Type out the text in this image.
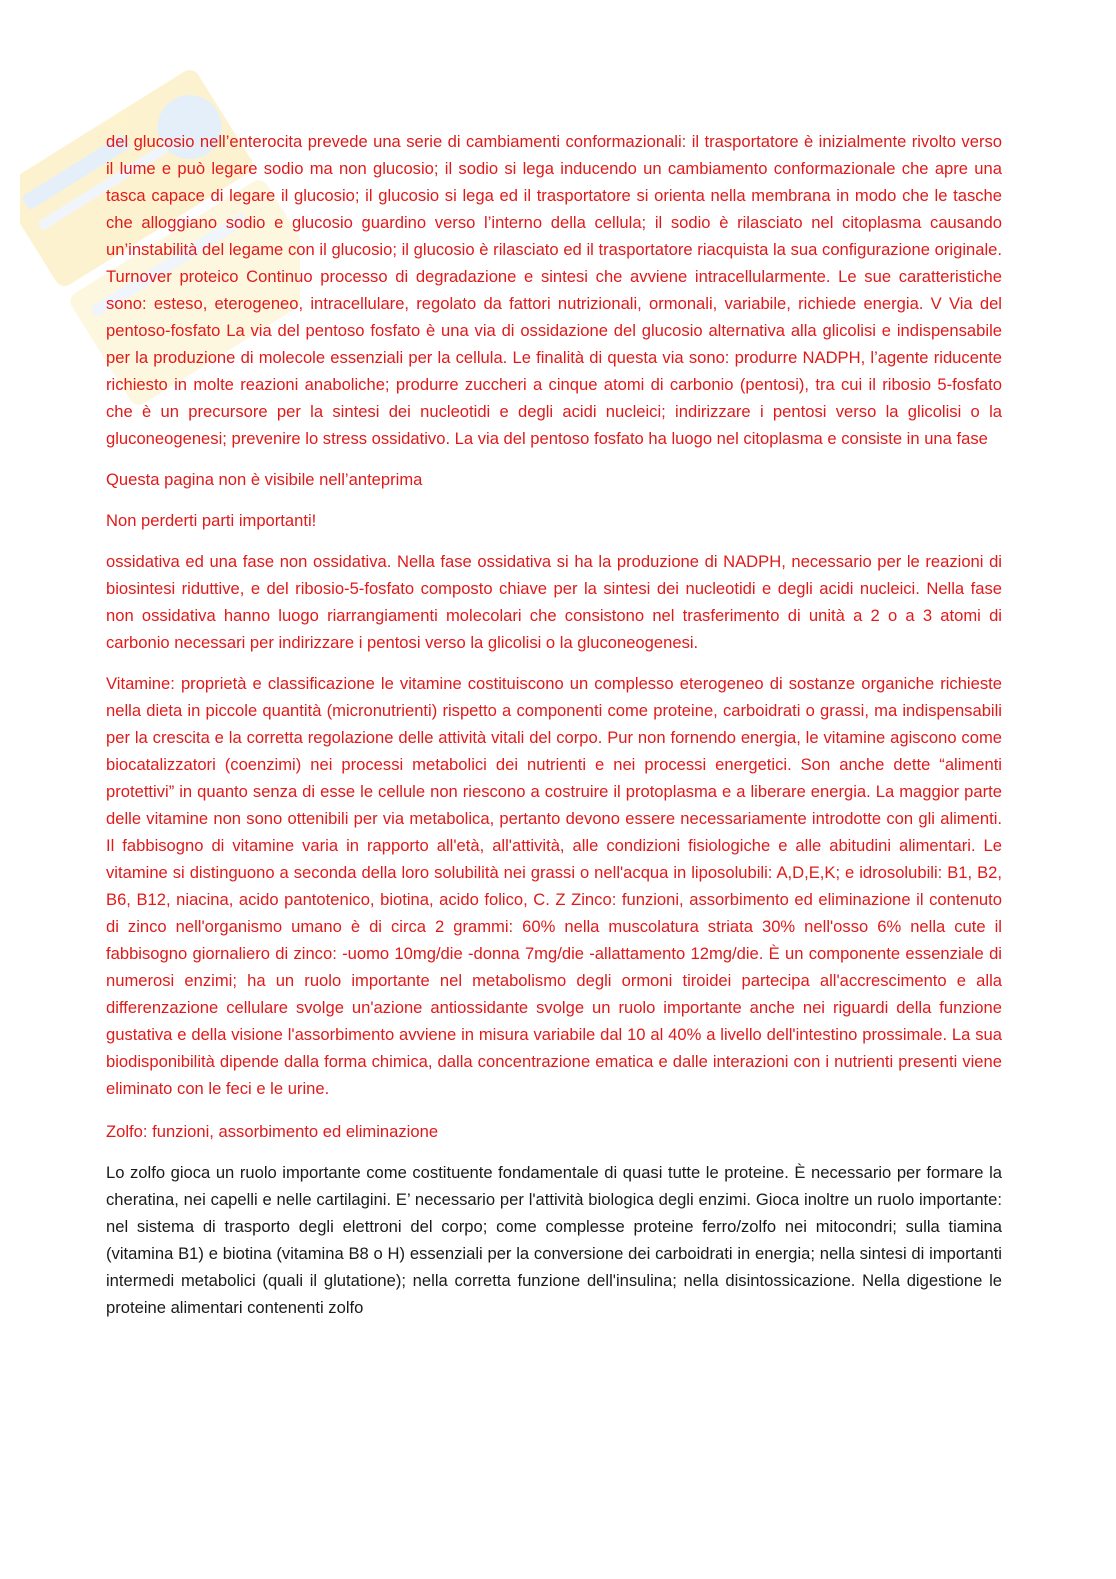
del glucosio nell’enterocita prevede una serie di cambiamenti conformazionali: il trasportatore è inizialmente rivolto verso il lume e può legare sodio ma non glucosio; il sodio si lega inducendo un cambiamento conformazionale che apre una tasca capace di legare il glucosio; il glucosio si lega ed il trasportatore si orienta nella membrana in modo che le tasche che alloggiano sodio e glucosio guardino verso l’interno della cellula; il sodio è rilasciato nel citoplasma causando un’instabilità del legame con il glucosio; il glucosio è rilasciato ed il trasportatore riacquista la sua configurazione originale. Turnover proteico Continuo processo di degradazione e sintesi che avviene intracellularmente. Le sue caratteristiche sono: esteso, eterogeneo, intracellulare, regolato da fattori nutrizionali, ormonali, variabile, richiede energia. V Via del pentoso-fosfato La via del pentoso fosfato è una via di ossidazione del glucosio alternativa alla glicolisi e indispensabile per la produzione di molecole essenziali per la cellula. Le finalità di questa via sono: produrre NADPH, l’agente riducente richiesto in molte reazioni anaboliche; produrre zuccheri a cinque atomi di carbonio (pentosi), tra cui il ribosio 5-fosfato che è un precursore per la sintesi dei nucleotidi e degli acidi nucleici; indirizzare i pentosi verso la glicolisi o la gluconeogenesi; prevenire lo stress ossidativo. La via del pentoso fosfato ha luogo nel citoplasma e consiste in una fase

Questa pagina non è visibile nell’anteprima

Non perderti parti importanti!

ossidativa ed una fase non ossidativa. Nella fase ossidativa si ha la produzione di NADPH, necessario per le reazioni di biosintesi riduttive, e del ribosio-5-fosfato composto chiave per la sintesi dei nucleotidi e degli acidi nucleici. Nella fase non ossidativa hanno luogo riarrangiamenti molecolari che consistono nel trasferimento di unità a 2 o a 3 atomi di carbonio necessari per indirizzare i pentosi verso la glicolisi o la gluconeogenesi.

Vitamine: proprietà e classificazione le vitamine costituiscono un complesso eterogeneo di sostanze organiche richieste nella dieta in piccole quantità (micronutrienti) rispetto a componenti come proteine, carboidrati o grassi, ma indispensabili per la crescita e la corretta regolazione delle attività vitali del corpo. Pur non fornendo energia, le vitamine agiscono come biocatalizzatori (coenzimi) nei processi metabolici dei nutrienti e nei processi energetici. Son anche dette “alimenti protettivi” in quanto senza di esse le cellule non riescono a costruire il protoplasma e a liberare energia. La maggior parte delle vitamine non sono ottenibili per via metabolica, pertanto devono essere necessariamente introdotte con gli alimenti. Il fabbisogno di vitamine varia in rapporto all'età, all'attività, alle condizioni fisiologiche e alle abitudini alimentari. Le vitamine si distinguono a seconda della loro solubilità nei grassi o nell'acqua in liposolubili: A,D,E,K; e idrosolubili: B1, B2, B6, B12, niacina, acido pantotenico, biotina, acido folico, C. Z Zinco: funzioni, assorbimento ed eliminazione il contenuto di zinco nell'organismo umano è di circa 2 grammi: 60% nella muscolatura striata 30% nell'osso 6% nella cute il fabbisogno giornaliero di zinco: -uomo 10mg/die -donna 7mg/die -allattamento 12mg/die. È un componente essenziale di numerosi enzimi; ha un ruolo importante nel metabolismo degli ormoni tiroidei partecipa all'accrescimento e alla differenzazione cellulare svolge un'azione antiossidante svolge un ruolo importante anche nei riguardi della funzione gustativa e della visione l'assorbimento avviene in misura variabile dal 10 al 40% a livello dell'intestino prossimale. La sua biodisponibilità dipende dalla forma chimica, dalla concentrazione ematica e dalle interazioni con i nutrienti presenti viene eliminato con le feci e le urine.

Zolfo: funzioni, assorbimento ed eliminazione

Lo zolfo gioca un ruolo importante come costituente fondamentale di quasi tutte le proteine. È necessario per formare la cheratina, nei capelli e nelle cartilagini. E’ necessario per l'attività biologica degli enzimi. Gioca inoltre un ruolo importante: nel sistema di trasporto degli elettroni del corpo; come complesse proteine ferro/zolfo nei mitocondri; sulla tiamina (vitamina B1) e biotina (vitamina B8 o H) essenziali per la conversione dei carboidrati in energia; nella sintesi di importanti intermedi metabolici (quali il glutatione); nella corretta funzione dell'insulina; nella disintossicazione. Nella digestione le proteine alimentari contenenti zolfo
